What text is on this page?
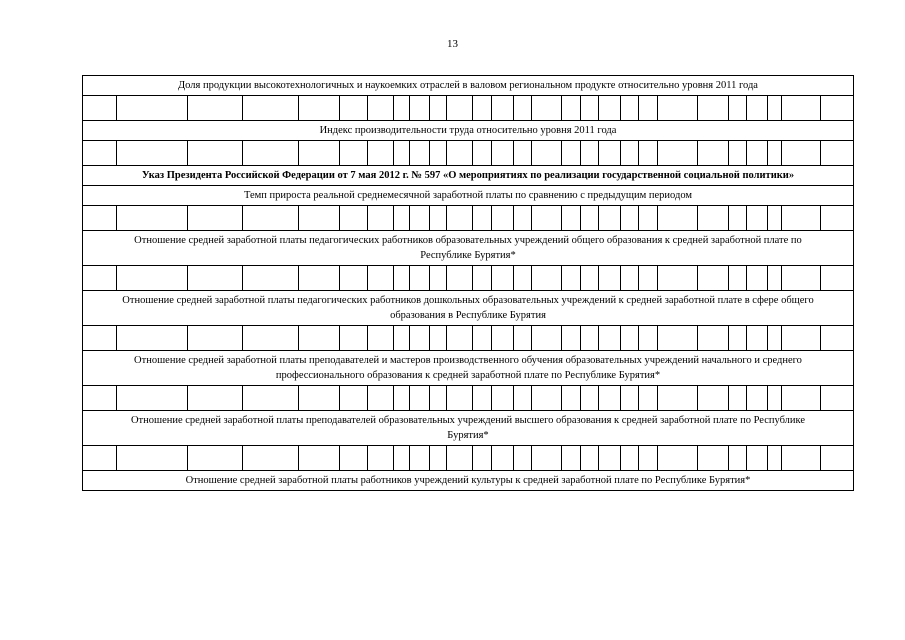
13
Доля продукции высокотехнологичных и наукоемких отраслей в валовом региональном продукте относительно уровня 2011 года																										

Индекс производительности труда относительно уровня 2011 года																										

Указ Президента Российской Федерации от 7 мая 2012 г. № 597 «О мероприятиях по реализации государственной социальной политики»																										
Темп прироста реальной среднемесячной заработной платы по сравнению с предыдущим периодом																										

Отношение средней заработной платы педагогических работников образовательных учреждений общего образования к средней заработной плате по Республике Бурятия*																										

Отношение средней заработной платы педагогических работников дошкольных образовательных учреждений к средней заработной плате в сфере общего образования в Республике Бурятия																										

Отношение средней заработной платы преподавателей и мастеров производственного обучения образовательных учреждений начального и среднего профессионального образования к средней заработной плате по Республике Бурятия*																										

Отношение средней заработной платы преподавателей образовательных учреждений высшего образования к средней заработной плате по Республике Бурятия*																										

Отношение средней заработной платы работников учреждений культуры к средней заработной плате по Республике Бурятия*																										
